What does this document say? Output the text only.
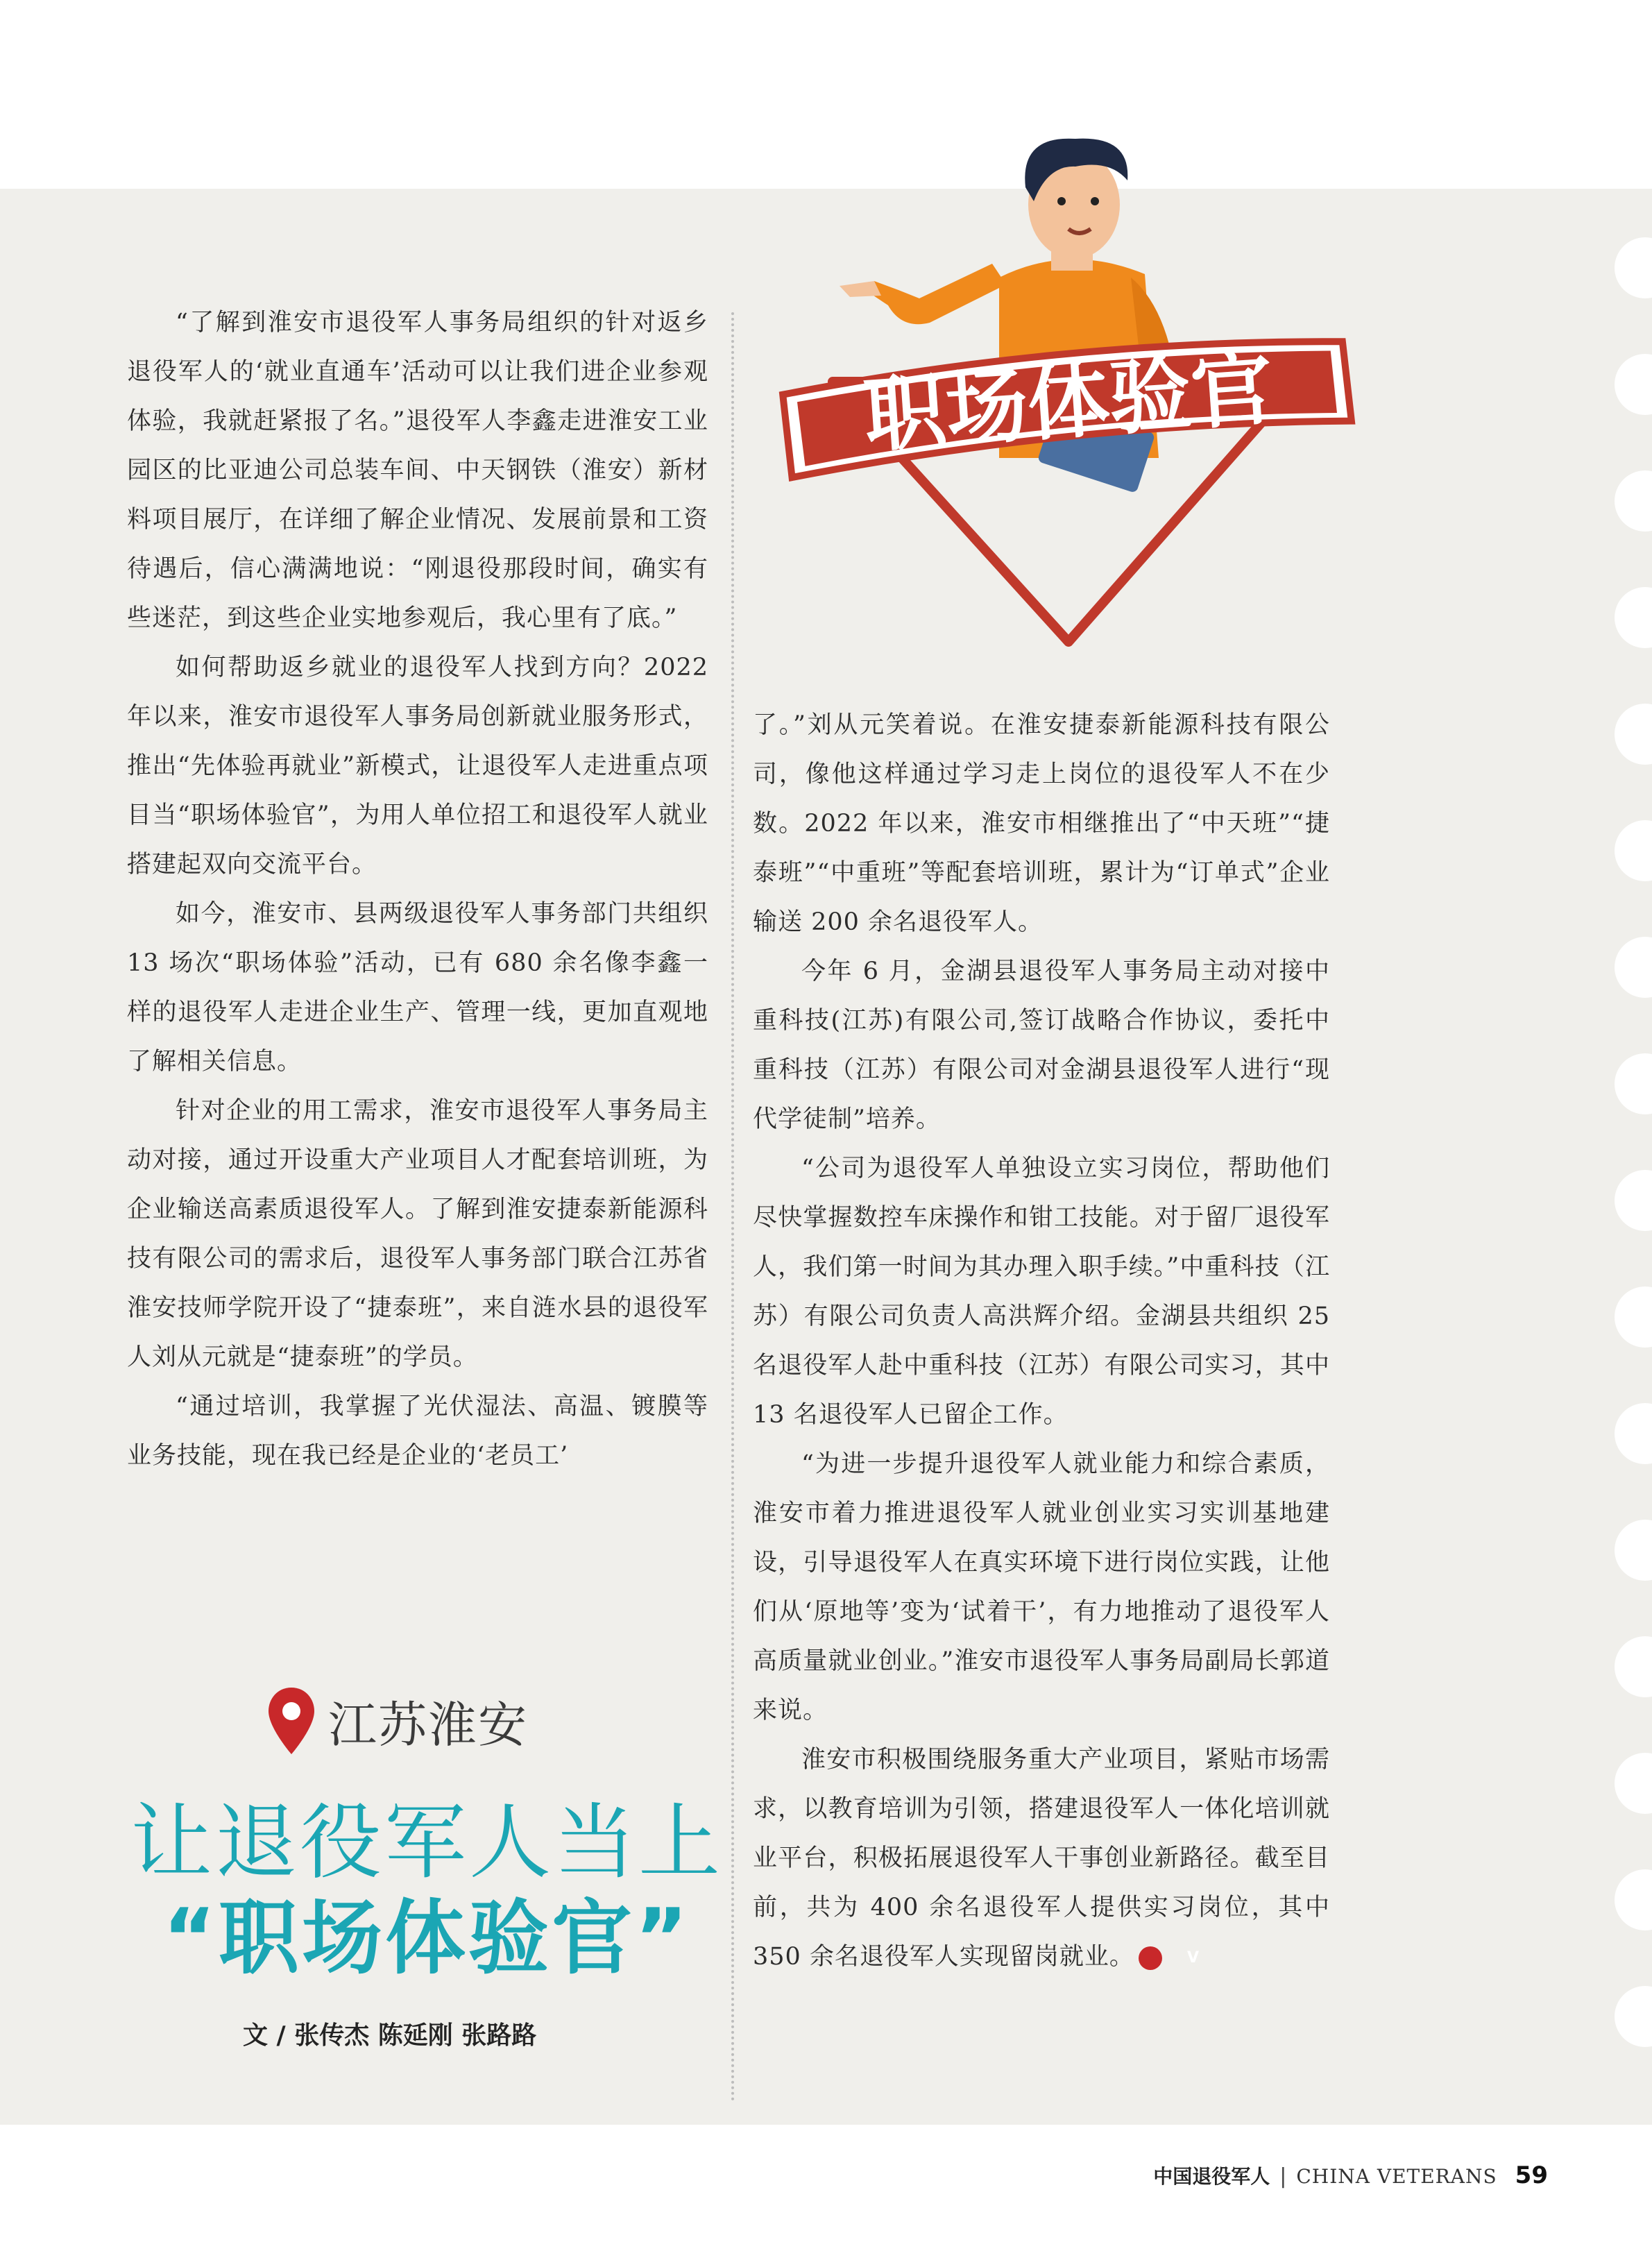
职场体验官

“了解到淮安市退役军人事务局组织的针对返乡退役军人的‘就业直通车’活动可以让我们进企业参观体验，我就赶紧报了名。”退役军人李鑫走进淮安工业园区的比亚迪公司总装车间、中天钢铁（淮安）新材料项目展厅，在详细了解企业情况、发展前景和工资待遇后，信心满满地说：“刚退役那段时间，确实有些迷茫，到这些企业实地参观后，我心里有了底。”

如何帮助返乡就业的退役军人找到方向？2022 年以来，淮安市退役军人事务局创新就业服务形式，推出“先体验再就业”新模式，让退役军人走进重点项目当“职场体验官”，为用人单位招工和退役军人就业搭建起双向交流平台。

如今，淮安市、县两级退役军人事务部门共组织 13 场次“职场体验”活动，已有 680 余名像李鑫一样的退役军人走进企业生产、管理一线，更加直观地了解相关信息。

针对企业的用工需求，淮安市退役军人事务局主动对接，通过开设重大产业项目人才配套培训班，为企业输送高素质退役军人。了解到淮安捷泰新能源科技有限公司的需求后，退役军人事务部门联合江苏省淮安技师学院开设了“捷泰班”，来自涟水县的退役军人刘从元就是“捷泰班”的学员。

“通过培训，我掌握了光伏湿法、高温、镀膜等业务技能，现在我已经是企业的‘老员工’

了。”刘从元笑着说。在淮安捷泰新能源科技有限公司，像他这样通过学习走上岗位的退役军人不在少数。2022 年以来，淮安市相继推出了“中天班”“捷泰班”“中重班”等配套培训班，累计为“订单式”企业输送 200 余名退役军人。

今年 6 月，金湖县退役军人事务局主动对接中重科技(江苏)有限公司,签订战略合作协议，委托中重科技（江苏）有限公司对金湖县退役军人进行“现代学徒制”培养。

“公司为退役军人单独设立实习岗位，帮助他们尽快掌握数控车床操作和钳工技能。对于留厂退役军人，我们第一时间为其办理入职手续。”中重科技（江苏）有限公司负责人高洪辉介绍。金湖县共组织 25 名退役军人赴中重科技（江苏）有限公司实习，其中 13 名退役军人已留企工作。

“为进一步提升退役军人就业能力和综合素质，淮安市着力推进退役军人就业创业实习实训基地建设，引导退役军人在真实环境下进行岗位实践，让他们从‘原地等’变为‘试着干’，有力地推动了退役军人高质量就业创业。”淮安市退役军人事务局副局长郭道来说。

淮安市积极围绕服务重大产业项目，紧贴市场需求，以教育培训为引领，搭建退役军人一体化培训就业平台，积极拓展退役军人干事创业新路径。截至目前，共为 400 余名退役军人提供实习岗位，其中 350 余名退役军人实现留岗就业。V

江苏淮安
让退役军人当上
“职场体验官”
文 / 张传杰 陈延刚 张路路
中国退役军人 | CHINA VETERANS 59
